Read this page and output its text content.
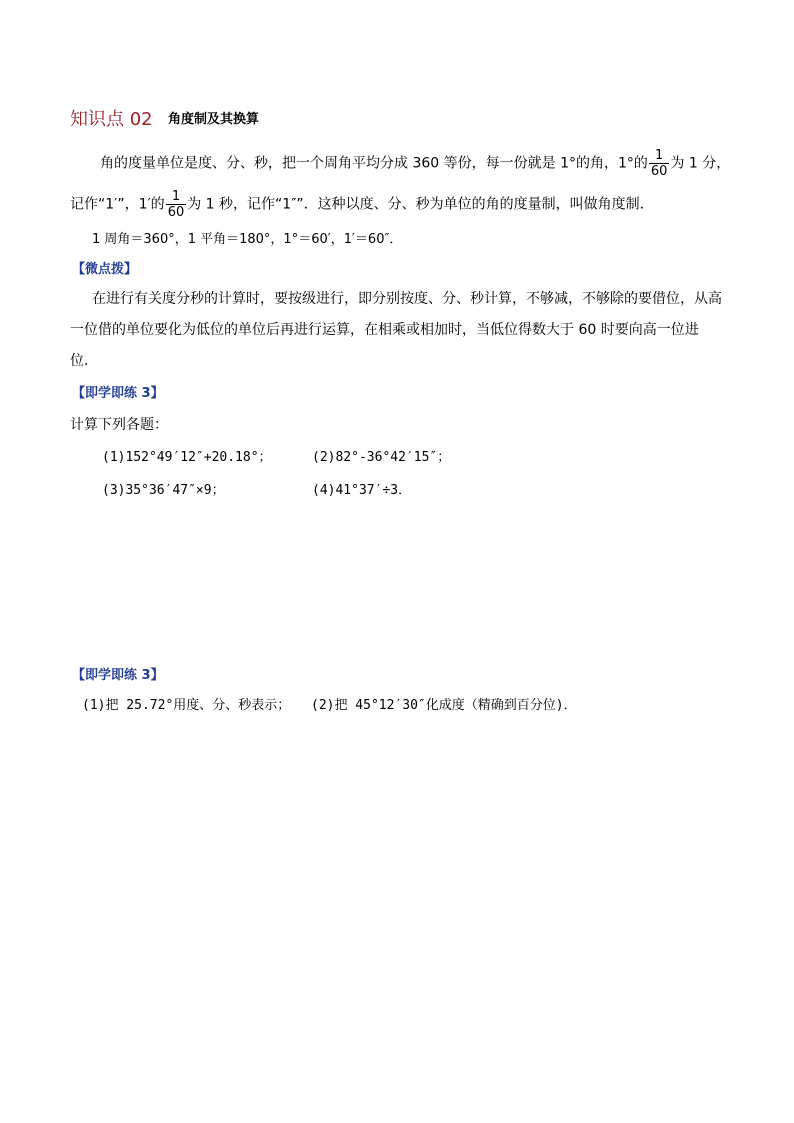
知识点 02 角度制及其换算
角的度量单位是度、分、秒，把一个周角平均分成 360 等份，每一份就是 1°的角，1°的 $\frac{1}{60}$ 为 1 分，
记作“1′”，1′的 $\frac{1}{60}$ 为 1 秒，记作“1″”．这种以度、分、秒为单位的角的度量制，叫做角度制．
1 周角＝360°，1 平角＝180°，1°＝60′，1′＝60″．
【微点拨】
在进行有关度分秒的计算时，要按级进行，即分别按度、分、秒计算，不够减，不够除的要借位，从高
一位借的单位要化为低位的单位后再进行运算，在相乘或相加时，当低位得数大于 60 时要向高一位进
位．
【即学即练 3】
计算下列各题：
(1)152°49′12″+20.18°；	(2)82°-36°42′15″；
(3)35°36′47″×9；	(4)41°37′÷3．
【即学即练 3】
(1)把 25.72°用度、分、秒表示； (2)把 45°12′30″化成度（精确到百分位)．
